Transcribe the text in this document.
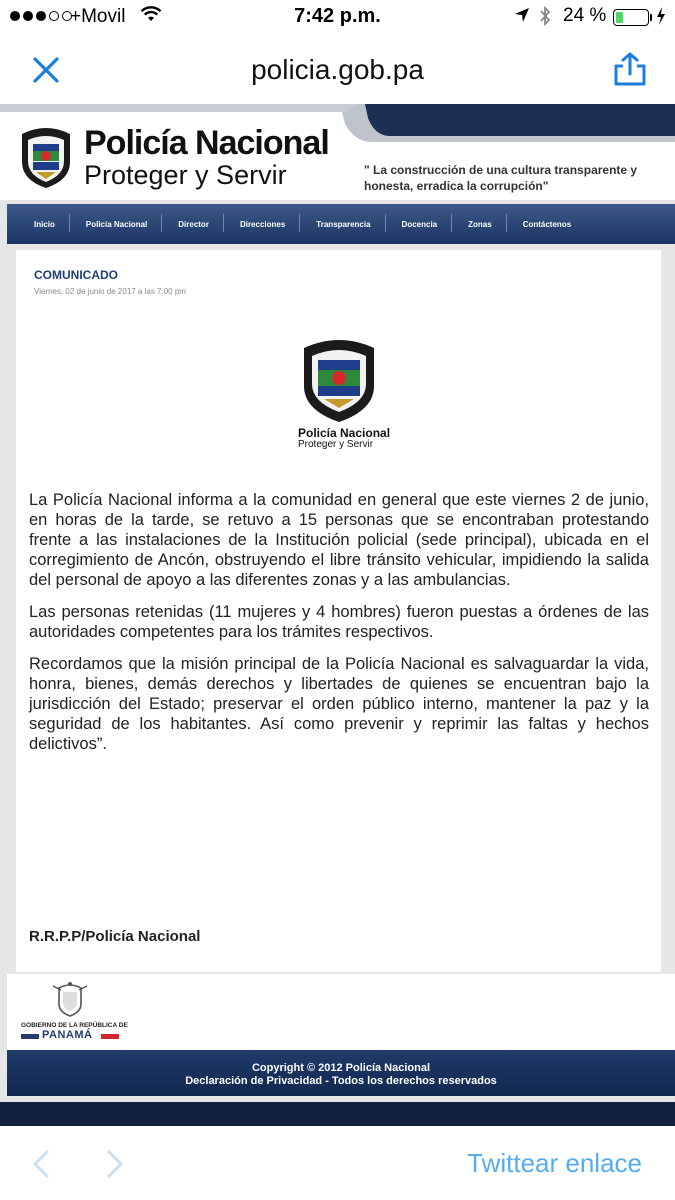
+Movil	7:42 p.m.	24 %
policia.gob.pa
Policía Nacional
Proteger y Servir	" La construcción de una cultura transparente y honesta, erradica la corrupción"
Inicio	Policía Nacional	Director	Direcciones	Transparencia	Docencia	Zonas	Contáctenos
COMUNICADO
Viernes, 02 de junio de 2017 a las 7:00 pm
Policía Nacional
Proteger y Servir

La Policía Nacional informa a la comunidad en general que este viernes 2 de junio, en horas de la tarde, se retuvo a 15 personas que se encontraban protestando frente a las instalaciones de la Institución policial (sede principal), ubicada en el corregimiento de Ancón, obstruyendo el libre tránsito vehicular, impidiendo la salida del personal de apoyo a las diferentes zonas y a las ambulancias.

Las personas retenidas (11 mujeres y 4 hombres) fueron puestas a órdenes de las autoridades competentes para los trámites respectivos.

Recordamos que la misión principal de la Policía Nacional es salvaguardar la vida, honra, bienes, demás derechos y libertades de quienes se encuentran bajo la jurisdicción del Estado; preservar el orden público interno, mantener la paz y la seguridad de los habitantes. Así como prevenir y reprimir las faltas y hechos delictivos”.

R.R.P.P/Policía Nacional
GOBIERNO DE LA REPÚBLICA DE
PANAMÁ
Copyright © 2012 Policía Nacional
Declaración de Privacidad - Todos los derechos reservados
Twittear enlace
